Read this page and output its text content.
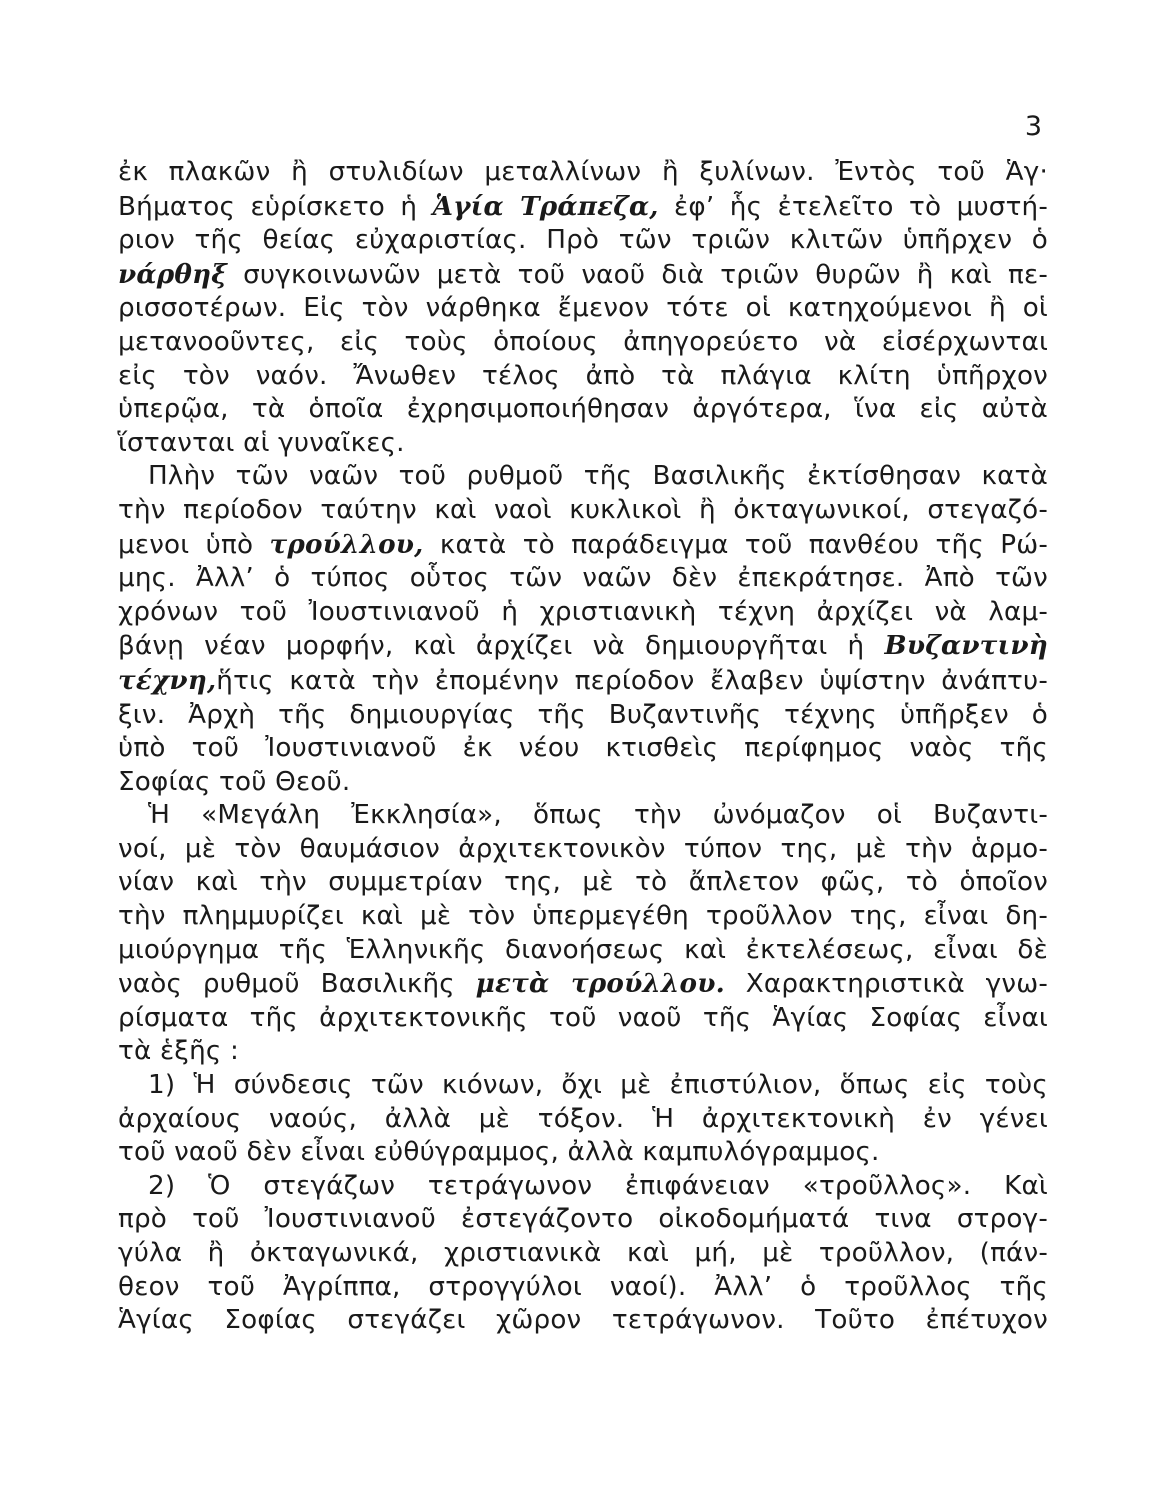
3
ἐκ πλακῶν ἢ στυλιδίων μεταλλίνων ἢ ξυλίνων. Ἐντὸς τοῦ Ἁγ·
Βήματος εὑρίσκετο ἡ Ἁγία Τράπεζα, ἐφ’ ἧς ἐτελεῖτο τὸ μυστή-
ριον τῆς θείας εὐχαριστίας. Πρὸ τῶν τριῶν κλιτῶν ὑπῆρχεν ὁ
νάρθηξ συγκοινωνῶν μετὰ τοῦ ναοῦ διὰ τριῶν θυρῶν ἢ καὶ πε-
ρισσοτέρων. Εἰς τὸν νάρθηκα ἔμενον τότε οἱ κατηχούμενοι ἢ οἱ
μετανοοῦντες, εἰς τοὺς ὁποίους ἀπηγορεύετο νὰ εἰσέρχωνται
εἰς τὸν ναόν. Ἄνωθεν τέλος ἀπὸ τὰ πλάγια κλίτη ὑπῆρχον
ὑπερῷα, τὰ ὁποῖα ἐχρησιμοποιήθησαν ἀργότερα, ἵνα εἰς αὐτὰ
ἵστανται αἱ γυναῖκες.
Πλὴν τῶν ναῶν τοῦ ρυθμοῦ τῆς Βασιλικῆς ἐκτίσθησαν κατὰ
τὴν περίοδον ταύτην καὶ ναοὶ κυκλικοὶ ἢ ὀκταγωνικοί, στεγαζό-
μενοι ὑπὸ τρούλλου, κατὰ τὸ παράδειγμα τοῦ πανθέου τῆς Ρώ-
μης. Ἀλλ’ ὁ τύπος οὗτος τῶν ναῶν δὲν ἐπεκράτησε. Ἀπὸ τῶν
χρόνων τοῦ Ἰουστινιανοῦ ἡ χριστιανικὴ τέχνη ἀρχίζει νὰ λαμ-
βάνῃ νέαν μορφήν, καὶ ἀρχίζει νὰ δημιουργῆται ἡ Βυζαντινὴ
τέχνη,ἥτις κατὰ τὴν ἐπομένην περίοδον ἔλαβεν ὑψίστην ἀνάπτυ-
ξιν. Ἀρχὴ τῆς δημιουργίας τῆς Βυζαντινῆς τέχνης ὑπῆρξεν ὁ
ὑπὸ τοῦ Ἰουστινιανοῦ ἐκ νέου κτισθεὶς περίφημος ναὸς τῆς
Σοφίας τοῦ Θεοῦ.
Ἡ «Μεγάλη Ἐκκλησία», ὅπως τὴν ὠνόμαζον οἱ Βυζαντι-
νοί, μὲ τὸν θαυμάσιον ἀρχιτεκτονικὸν τύπον της, μὲ τὴν ἁρμο-
νίαν καὶ τὴν συμμετρίαν της, μὲ τὸ ἄπλετον φῶς, τὸ ὁποῖον
τὴν πλημμυρίζει καὶ μὲ τὸν ὑπερμεγέθη τροῦλλον της, εἶναι δη-
μιούργημα τῆς Ἑλληνικῆς διανοήσεως καὶ ἐκτελέσεως, εἶναι δὲ
ναὸς ρυθμοῦ Βασιλικῆς μετὰ τρούλλου. Χαρακτηριστικὰ γνω-
ρίσματα τῆς ἀρχιτεκτονικῆς τοῦ ναοῦ τῆς Ἁγίας Σοφίας εἶναι
τὰ ἑξῆς :
1) Ἡ σύνδεσις τῶν κιόνων, ὄχι μὲ ἐπιστύλιον, ὅπως εἰς τοὺς
ἀρχαίους ναούς, ἀλλὰ μὲ τόξον. Ἡ ἀρχιτεκτονικὴ ἐν γένει
τοῦ ναοῦ δὲν εἶναι εὐθύγραμμος, ἀλλὰ καμπυλόγραμμος.
2) Ὁ στεγάζων τετράγωνον ἐπιφάνειαν «τροῦλλος». Καὶ
πρὸ τοῦ Ἰουστινιανοῦ ἐστεγάζοντο οἰκοδομήματά τινα στρογ-
γύλα ἢ ὀκταγωνικά, χριστιανικὰ καὶ μή, μὲ τροῦλλον, (πάν-
θεον τοῦ Ἀγρίππα, στρογγύλοι ναοί). Ἀλλ’ ὁ τροῦλλος τῆς
Ἁγίας Σοφίας στεγάζει χῶρον τετράγωνον. Τοῦτο ἐπέτυχον
